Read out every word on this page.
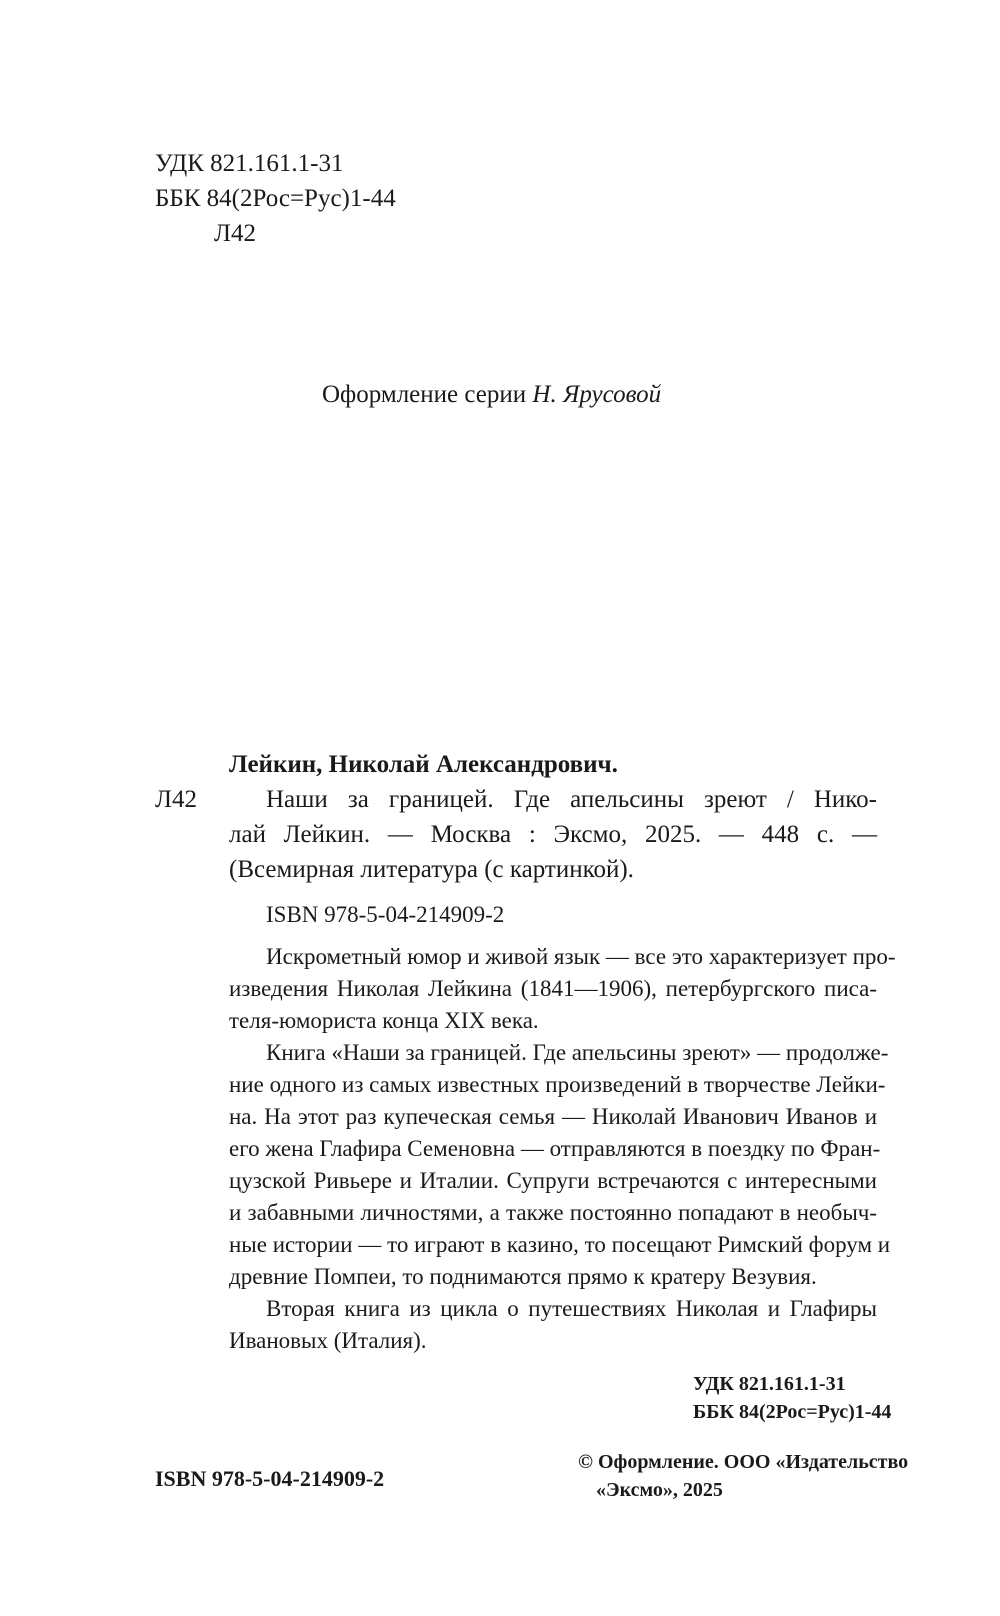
УДК 821.161.1-31
ББК 84(2Рос=Рус)1-44
Л42
Оформление серии Н. Ярусовой
Лейкин, Николай Александрович.
Л42	Наши за границей. Где апельсины зреют / Нико-
лай Лейкин. — Москва : Эксмо, 2025. — 448 с. —
(Всемирная литература (с картинкой).
ISBN 978-5-04-214909-2
Искрометный юмор и живой язык — все это характеризует про-
изведения Николая Лейкина (1841—1906), петербургского писа-
теля-юмориста конца XIX века.
Книга «Наши за границей. Где апельсины зреют» — продолже-
ние одного из самых известных произведений в творчестве Лейки-
на. На этот раз купеческая семья — Николай Иванович Иванов и
его жена Глафира Семеновна — отправляются в поездку по Фран-
цузской Ривьере и Италии. Супруги встречаются с интересными
и забавными личностями, а также постоянно попадают в необыч-
ные истории — то играют в казино, то посещают Римский форум и
древние Помпеи, то поднимаются прямо к кратеру Везувия.
Вторая книга из цикла о путешествиях Николая и Глафиры
Ивановых (Италия).
УДК 821.161.1-31
ББК 84(2Рос=Рус)1-44
ISBN 978-5-04-214909-2
© Оформление. ООО «Издательство
«Эксмо», 2025
